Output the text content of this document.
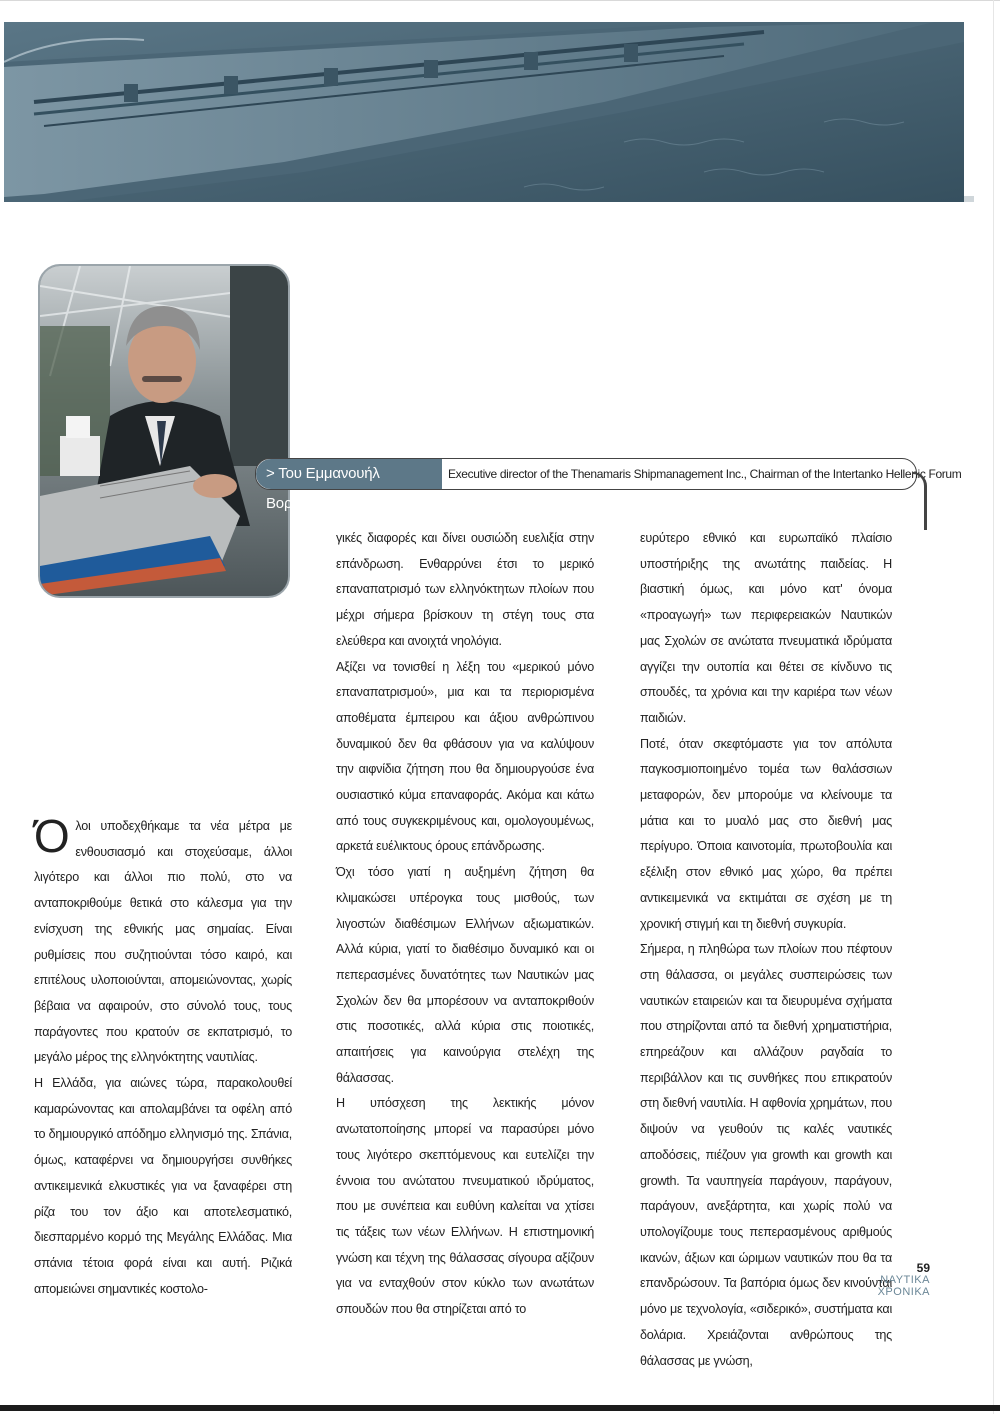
> Του Εμμανουήλ Βορδώνη,
Executive director of the Thenamaris Shipmanagement Inc., Chairman of the Intertanko Hellenic Forum

Όλοι υποδεχθήκαμε τα νέα μέτρα με ενθουσιασμό και στοχεύσαμε, άλλοι λιγότερο και άλλοι πιο πολύ, στο να ανταποκριθούμε θετικά στο κάλεσμα για την ενίσχυση της εθνικής μας σημαίας. Είναι ρυθμίσεις που συζητιούνται τόσο καιρό, και επιτέλους υλοποιούνται, απομειώνοντας, χωρίς βέβαια να αφαιρούν, στο σύνολό τους, τους παράγοντες που κρατούν σε εκπατρισμό, το μεγάλο μέρος της ελληνόκτητης ναυτιλίας.

Η Ελλάδα, για αιώνες τώρα, παρακολουθεί καμαρώνοντας και απολαμβάνει τα οφέλη από το δημιουργικό απόδημο ελληνισμό της. Σπάνια, όμως, καταφέρνει να δημιουργήσει συνθήκες αντικειμενικά ελκυστικές για να ξαναφέρει στη ρίζα του τον άξιο και αποτελεσματικό, διεσπαρμένο κορμό της Μεγάλης Ελλάδας. Μια σπάνια τέτοια φορά είναι και αυτή. Ριζικά απομειώνει σημαντικές κοστολο-

γικές διαφορές και δίνει ουσιώδη ευελιξία στην επάνδρωση. Ενθαρρύνει έτσι το μερικό επαναπατρισμό των ελληνόκτητων πλοίων που μέχρι σήμερα βρίσκουν τη στέγη τους στα ελεύθερα και ανοιχτά νηολόγια.

Αξίζει να τονισθεί η λέξη του «μερικού μόνο επαναπατρισμού», μια και τα περιορισμένα αποθέματα έμπειρου και άξιου ανθρώπινου δυναμικού δεν θα φθάσουν για να καλύψουν την αιφνίδια ζήτηση που θα δημιουργούσε ένα ουσιαστικό κύμα επαναφοράς. Ακόμα και κάτω από τους συγκεκριμένους και, ομολογουμένως, αρκετά ευέλικτους όρους επάνδρωσης.

Όχι τόσο γιατί η αυξημένη ζήτηση θα κλιμακώσει υπέρογκα τους μισθούς, των λιγοστών διαθέσιμων Ελλήνων αξιωματικών. Αλλά κύρια, γιατί το διαθέσιμο δυναμικό και οι πεπερασμένες δυνατότητες των Ναυτικών μας Σχολών δεν θα μπορέσουν να ανταποκριθούν στις ποσοτικές, αλλά κύρια στις ποιοτικές, απαιτήσεις για καινούργια στελέχη της θάλασσας.

Η υπόσχεση της λεκτικής μόνον ανωτατοποίησης μπορεί να παρασύρει μόνο τους λιγότερο σκεπτόμενους και ευτελίζει την έννοια του ανώτατου πνευματικού ιδρύματος, που με συνέπεια και ευθύνη καλείται να χτίσει τις τάξεις των νέων Ελλήνων. Η επιστημονική γνώση και τέχνη της θάλασσας σίγουρα αξίζουν για να ενταχθούν στον κύκλο των ανωτάτων σπουδών που θα στηρίζεται από το

ευρύτερο εθνικό και ευρωπαϊκό πλαίσιο υποστήριξης της ανωτάτης παιδείας. Η βιαστική όμως, και μόνο κατ' όνομα «προαγωγή» των περιφερειακών Ναυτικών μας Σχολών σε ανώτατα πνευματικά ιδρύματα αγγίζει την ουτοπία και θέτει σε κίνδυνο τις σπουδές, τα χρόνια και την καριέρα των νέων παιδιών.

Ποτέ, όταν σκεφτόμαστε για τον απόλυτα παγκοσμιοποιημένο τομέα των θαλάσσιων μεταφορών, δεν μπορούμε να κλείνουμε τα μάτια και το μυαλό μας στο διεθνή μας περίγυρο. Όποια καινοτομία, πρωτοβουλία και εξέλιξη στον εθνικό μας χώρο, θα πρέπει αντικειμενικά να εκτιμάται σε σχέση με τη χρονική στιγμή και τη διεθνή συγκυρία.

Σήμερα, η πληθώρα των πλοίων που πέφτουν στη θάλασσα, οι μεγάλες συσπειρώσεις των ναυτικών εταιρειών και τα διευρυμένα σχήματα που στηρίζονται από τα διεθνή χρηματιστήρια, επηρεάζουν και αλλάζουν ραγδαία το περιβάλλον και τις συνθήκες που επικρατούν στη διεθνή ναυτιλία. Η αφθονία χρημάτων, που διψούν να γευθούν τις καλές ναυτικές αποδόσεις, πιέζουν για growth και growth και growth. Τα ναυπηγεία παράγουν, παράγουν, παράγουν, ανεξάρτητα, και χωρίς πολύ να υπολογίζουμε τους πεπερασμένους αριθμούς ικανών, άξιων και ώριμων ναυτικών που θα τα επανδρώσουν. Τα βαπόρια όμως δεν κινούνται μόνο με τεχνολογία, «σιδερικό», συστήματα και δολάρια. Χρειάζονται ανθρώπους της θάλασσας με γνώση,

59
ΝΑΥΤΙΚΑ
ΧΡΟΝΙΚΑ
